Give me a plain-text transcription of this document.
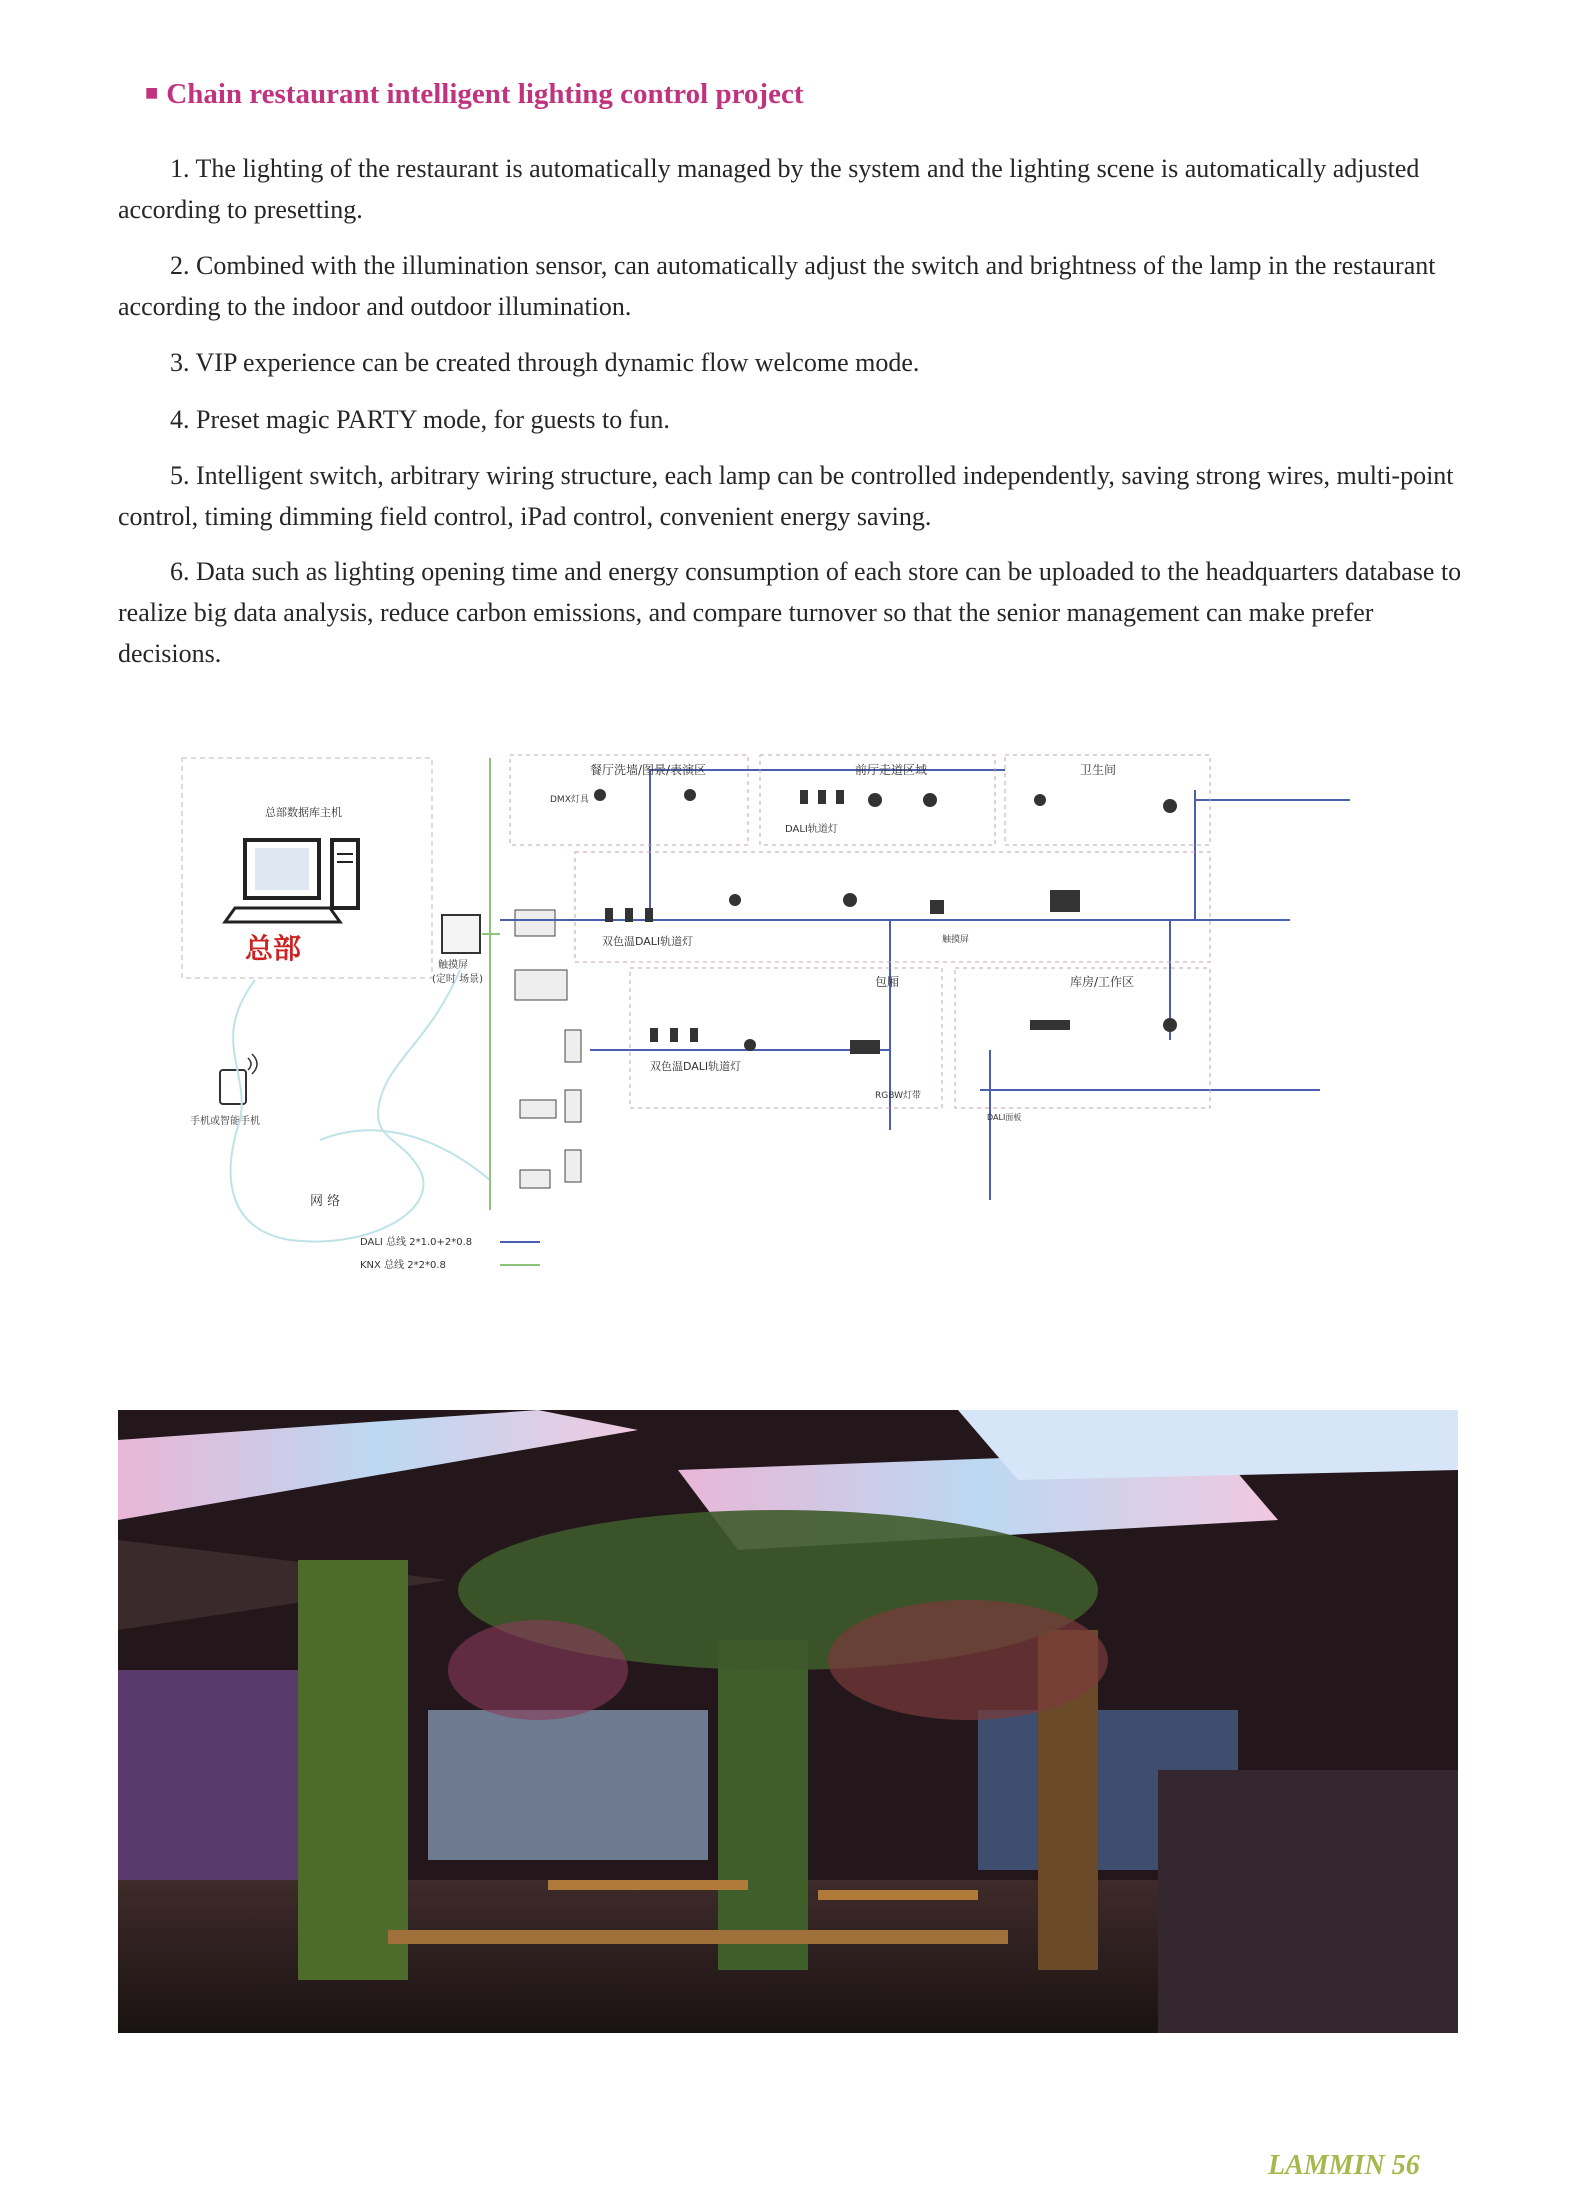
■ Chain restaurant intelligent lighting control project
1. The lighting of the restaurant is automatically managed by the system and the lighting scene is automatically adjusted according to presetting.
2. Combined with the illumination sensor, can automatically adjust the switch and brightness of the lamp in the restaurant according to the indoor and outdoor illumination.
3. VIP experience can be created through dynamic flow welcome mode.
4. Preset magic PARTY mode, for guests to fun.
5. Intelligent switch, arbitrary wiring structure, each lamp can be controlled independently, saving strong wires, multi-point control, timing dimming field control, iPad control, convenient energy saving.
6. Data such as lighting opening time and energy consumption of each store can be uploaded to the headquarters database to realize big data analysis, reduce carbon emissions, and compare turnover so that the senior management can make prefer decisions.
总部数据库主机
总部
手机或智能手机
网 络
触摸屏
(定时 场景)
餐厅洗墙/图景/表演区
DMX灯具
前厅走道区域
DALI轨道灯
卫生间
双色温DALI轨道灯	触摸屏
包厢
双色温DALI轨道灯
RGBW灯带
库房/工作区
DALI面板
DALI 总线 2*1.0+2*0.8
KNX 总线 2*2*0.8
LAMMIN 56
